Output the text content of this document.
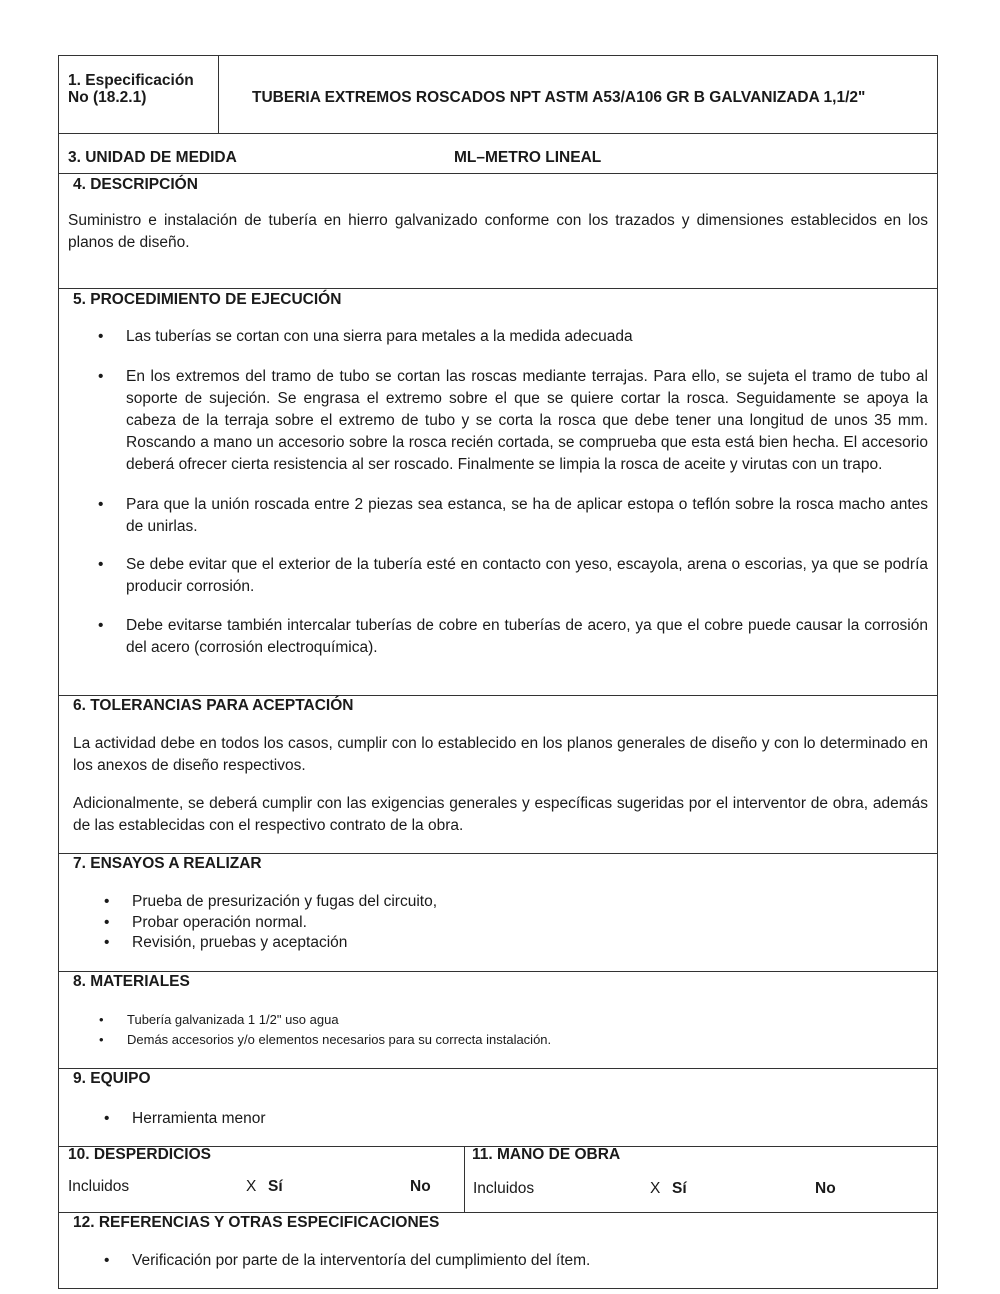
1. Especificación
No (18.2.1)	TUBERIA EXTREMOS ROSCADOS NPT ASTM A53/A106 GR B GALVANIZADA 1,1/2"
3. UNIDAD DE MEDIDA	ML–METRO LINEAL
4. DESCRIPCIÓN
Suministro e instalación de tubería en hierro galvanizado conforme con los trazados y dimensiones establecidos en los planos de diseño.
5. PROCEDIMIENTO DE EJECUCIÓN
• Las tuberías se cortan con una sierra para metales a la medida adecuada
• En los extremos del tramo de tubo se cortan las roscas mediante terrajas. Para ello, se sujeta el tramo de tubo al soporte de sujeción. Se engrasa el extremo sobre el que se quiere cortar la rosca. Seguidamente se apoya la cabeza de la terraja sobre el extremo de tubo y se corta la rosca que debe tener una longitud de unos 35 mm. Roscando a mano un accesorio sobre la rosca recién cortada, se comprueba que esta está bien hecha. El accesorio deberá ofrecer cierta resistencia al ser roscado. Finalmente se limpia la rosca de aceite y virutas con un trapo.
• Para que la unión roscada entre 2 piezas sea estanca, se ha de aplicar estopa o teflón sobre la rosca macho antes de unirlas.
• Se debe evitar que el exterior de la tubería esté en contacto con yeso, escayola, arena o escorias, ya que se podría producir corrosión.
• Debe evitarse también intercalar tuberías de cobre en tuberías de acero, ya que el cobre puede causar la corrosión del acero (corrosión electroquímica).
6. TOLERANCIAS PARA ACEPTACIÓN
La actividad debe en todos los casos, cumplir con lo establecido en los planos generales de diseño y con lo determinado en los anexos de diseño respectivos.
Adicionalmente, se deberá cumplir con las exigencias generales y específicas sugeridas por el interventor de obra, además de las establecidas con el respectivo contrato de la obra.
7. ENSAYOS A REALIZAR
• Prueba de presurización y fugas del circuito,
• Probar operación normal.
• Revisión, pruebas y aceptación
8. MATERIALES
• Tubería galvanizada 1 1/2" uso agua
• Demás accesorios y/o elementos necesarios para su correcta instalación.
9. EQUIPO
• Herramienta menor
10. DESPERDICIOS
Incluidos	X Sí	No
11. MANO DE OBRA
Incluidos	X Sí	No
12. REFERENCIAS Y OTRAS ESPECIFICACIONES
• Verificación por parte de la interventoría del cumplimiento del ítem.
